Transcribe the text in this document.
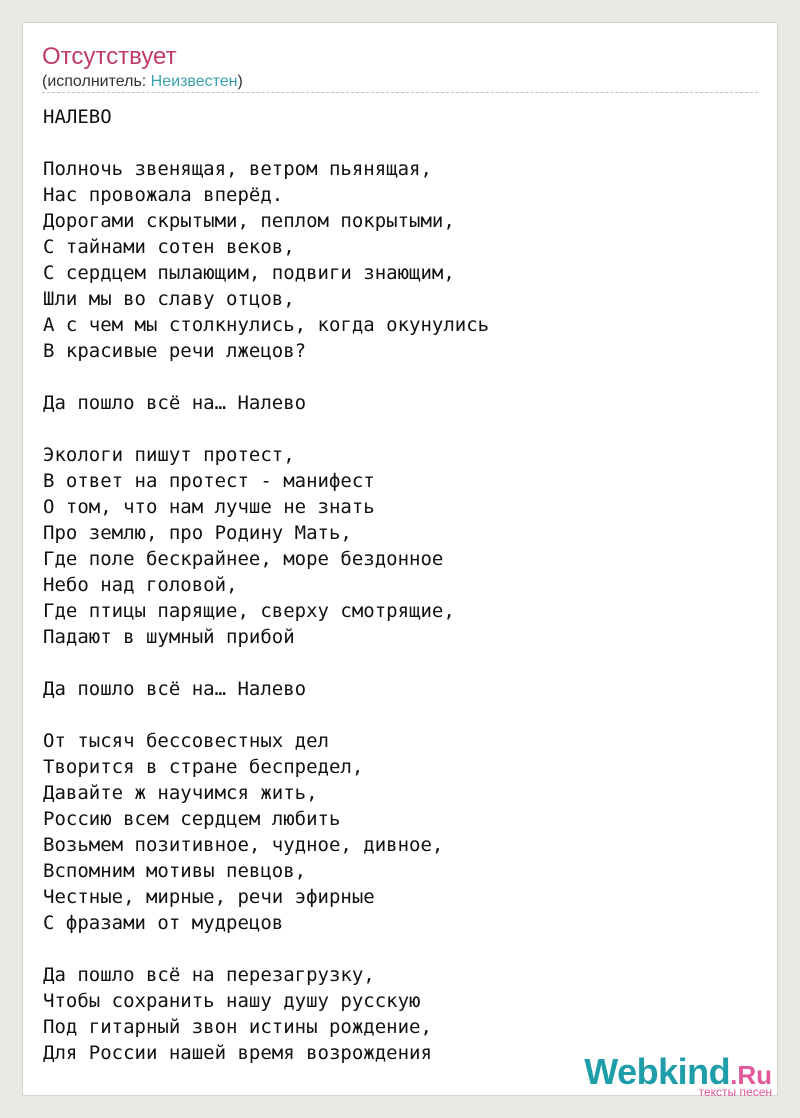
Отсутствует
(исполнитель: Неизвестен)
НАЛЕВО

Полночь звенящая, ветром пьянящая,
Нас провожала вперёд.
Дорогами скрытыми, пеплом покрытыми,
С тайнами сотен веков,
С сердцем пылающим, подвиги знающим,
Шли мы во славу отцов,
А с чем мы столкнулись, когда окунулись
В красивые речи лжецов?

Да пошло всё на… Налево

Экологи пишут протест,
В ответ на протест - манифест
О том, что нам лучше не знать
Про землю, про Родину Мать,
Где поле бескрайнее, море бездонное
Небо над головой,
Где птицы парящие, сверху смотрящие,
Падают в шумный прибой

Да пошло всё на… Налево

От тысяч бессовестных дел
Творится в стране беспредел,
Давайте ж научимся жить,
Россию всем сердцем любить
Возьмем позитивное, чудное, дивное,
Вспомним мотивы певцов,
Честные, мирные, речи эфирные
С фразами от мудрецов

Да пошло всё на перезагрузку,
Чтобы сохранить нашу душу русскую
Под гитарный звон истины рождение,
Для России нашей время возрождения	Webkind.Ru
тексты песен
